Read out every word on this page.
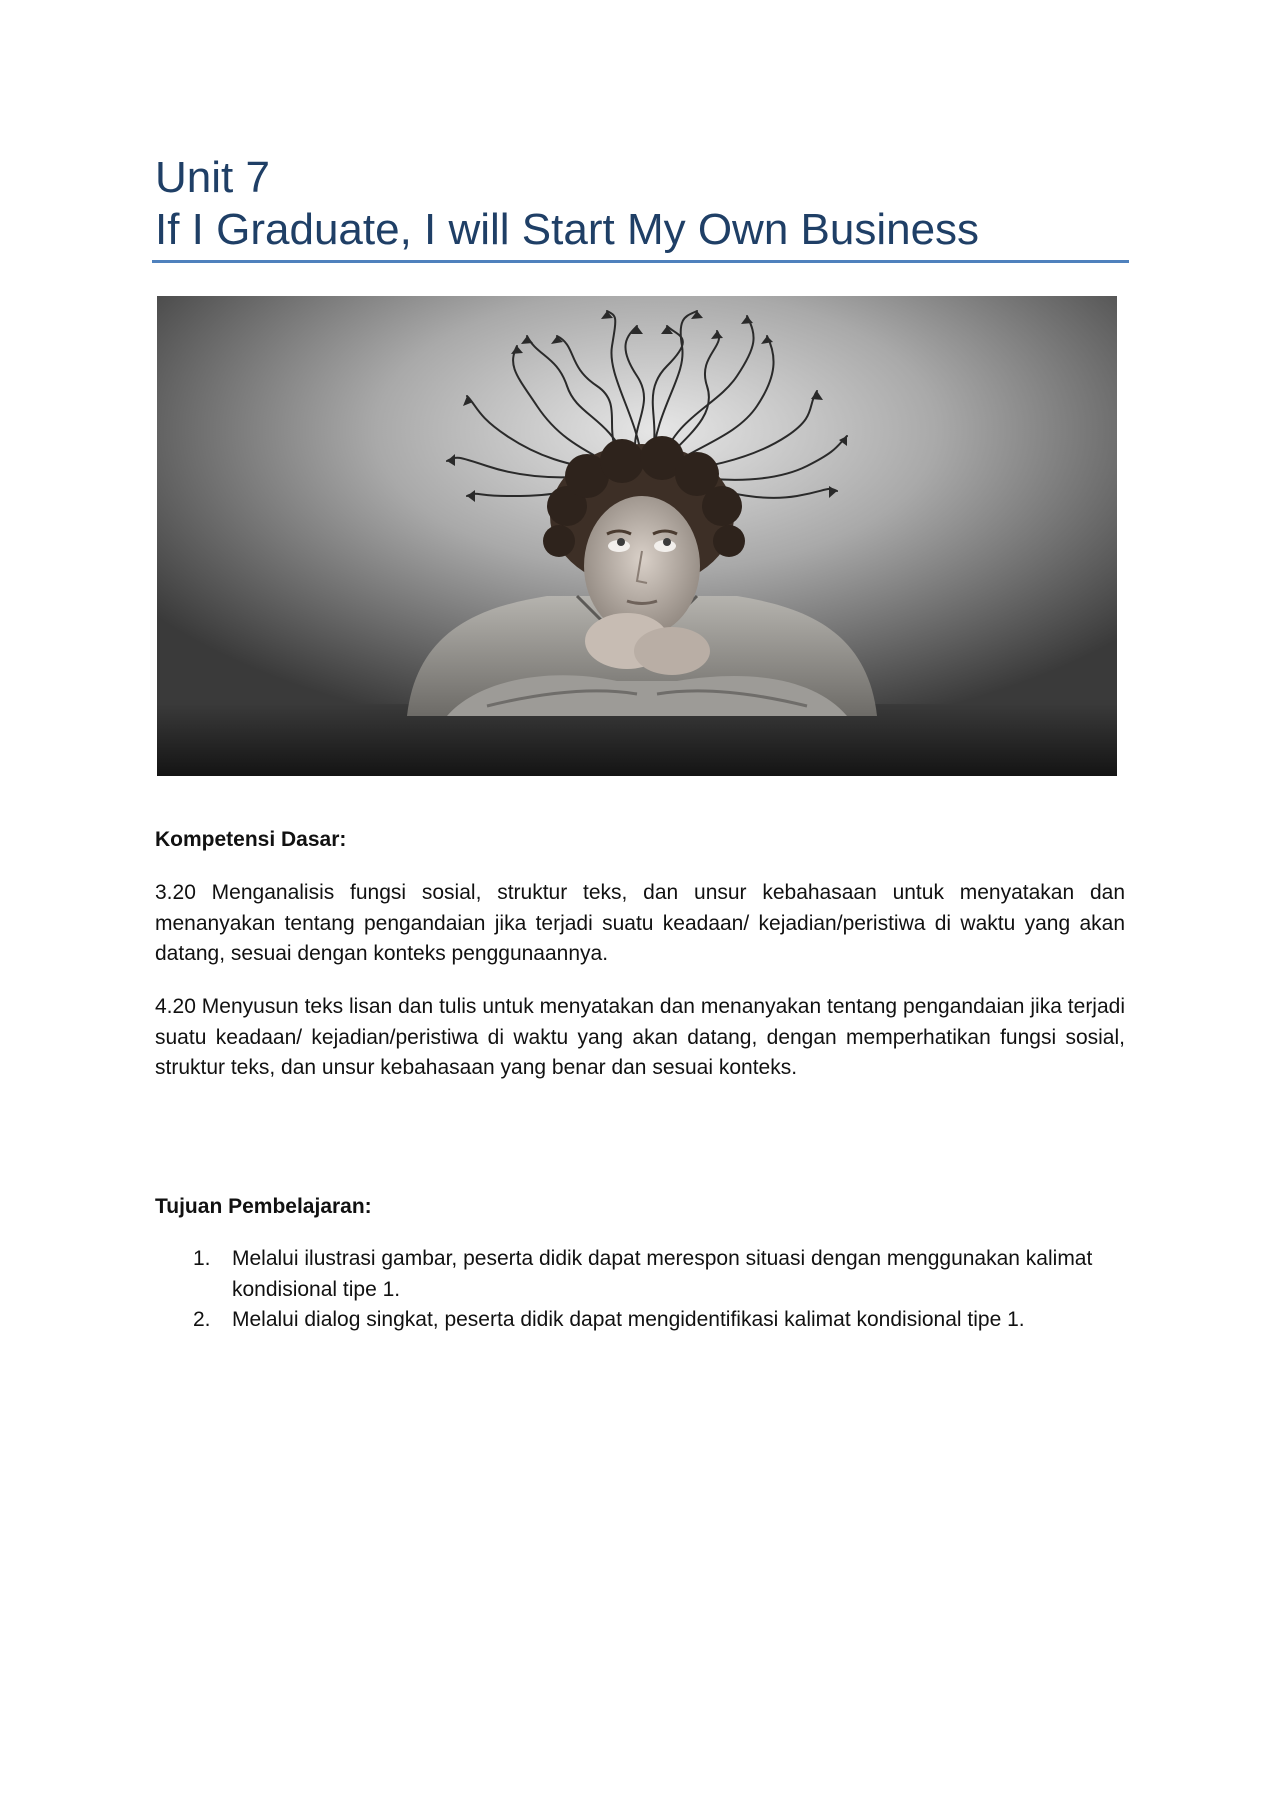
Unit 7
If I Graduate, I will Start My Own Business
Kompetensi Dasar:
3.20 Menganalisis fungsi sosial, struktur teks, dan unsur kebahasaan untuk menyatakan dan menanyakan tentang pengandaian jika terjadi suatu keadaan/ kejadian/peristiwa di waktu yang akan datang, sesuai dengan konteks penggunaannya.
4.20 Menyusun teks lisan dan tulis untuk menyatakan dan menanyakan tentang pengandaian jika terjadi suatu keadaan/ kejadian/peristiwa di waktu yang akan datang, dengan memperhatikan fungsi sosial, struktur teks, dan unsur kebahasaan yang benar dan sesuai konteks.
Tujuan Pembelajaran:
1. Melalui ilustrasi gambar, peserta didik dapat merespon situasi dengan menggunakan kalimat kondisional tipe 1.
2. Melalui dialog singkat, peserta didik dapat mengidentifikasi kalimat kondisional tipe 1.
